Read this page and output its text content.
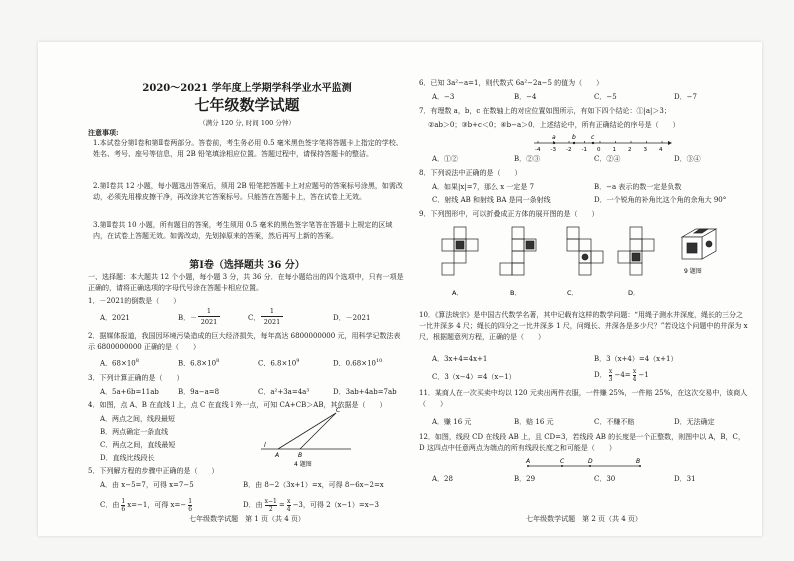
2020～2021 学年度上学期学科学业水平监测
七年级数学试题
（满分 120 分, 时间 100 分钟）
注意事项:
1.本试卷分第Ⅰ卷和第Ⅱ卷两部分。答卷前，考生务必用 0.5 毫米黑色签字笔将答题卡上指定的学校、姓名、考号、座号等信息，用 2B 铅笔填涂相应位置。答题过程中，请保持答题卡的整洁。
2.第Ⅰ卷共 12 小题，每小题选出答案后，须用 2B 铅笔把答题卡上对应题号的答案标号涂黑，如需改动，必须先用橡皮擦干净，再改涂其它答案标号。只能答在答题卡上，答在试卷上无效。
3.第Ⅱ卷共 10 小题，所有题目的答案，考生须用 0.5 毫米的黑色签字笔答在答题卡上规定的区域内，在试卷上答题无效。如需改动，先划掉原来的答案，然后再写上新的答案。
第Ⅰ卷（选择题共 36 分）
一、选择题：本大题共 12 个小题，每小题 3 分，共 36 分．在每小题给出的四个选项中，只有一项是正确的，请将正确选项的字母代号涂在答题卡相应位置。
1．－2021的倒数是（　　）
A．2021	B．－ $\frac{1}{2021}$	C． $\frac{1}{2021}$	D．－2021
2．据媒体报道，我国因环境污染造成的巨大经济损失，每年高达 6800000000 元，用科学记数法表示 6800000000 正确的是（　　）
A．$68\times 10^8$	B．$6.8\times 10^8$	C．$6.8\times 10^9$	D．$0.68\times 10^{10}$
3．下列计算正确的是（　　）
A．5a+6b=11ab	B．9a−a=8	C．a²+3a=4a³	D．3ab+4ab=7ab
4．如图，点 A、B 在直线 l 上，点 C 在直线 l 外一点，可知 CA+CB＞AB，其依据是（　　）
A．两点之间，线段最短
B．两点确定一条直线
C．两点之间，直线最短
D．直线比线段长
l
A	B
C
4 题图
5．下列解方程的步骤中正确的是（　　）
A．由 x−5=7，可得 x=7−5	B．由 8−2（3x+1）=x，可得 8−6x−2=x
C．由 1
6
x=−1，可得 $x=- \frac{1}{6}$	D．由 $\frac{x-1}{2} = \frac{x}{4} -3$，可得 2（x−1）=x−3
七年级数学试题　第 1 页（共 4 页）
6．已知 3a²−a=1，则代数式 6a²−2a−5 的值为（　　）
A．−3	B．−4	C．−5	D．−7
7．有理数 a，b，c 在数轴上的对应位置如图所示，有如下四个结论：①|a|＞3；
②ab＞0；③b+c＜0；④b−a＞0．上述结论中，所有正确结论的序号是（　　）
-4 -3 -2 -1 0 1 2 3 4
a	b	c
A．①②	B．②③	C．②④	D．③④
8．下列说法中正确的是（　　）
A．如果|x|=7，那么 x 一定是 7	B．−a 表示的数一定是负数
C．射线 AB 和射线 BA 是同一条射线	D．一个锐角的补角比这个角的余角大 90°
9．下列图形中，可以折叠成正方体的展开图的是（　　）
A．	B．	C．	D．
9 题图
10．《算法统宗》是中国古代数学名著，其中记载有这样的数学问题：“用绳子测水井深度，绳长的三分之一比井深多 4 尺；绳长的四分之一比井深多 1 尺，问绳长、井深各是多少尺？”若设这个问题中的井深为 x 尺，根据题意列方程，正确的是（　　）
A．3x+4=4x+1	B．3（x+4）=4（x+1）
C．3（x−4）=4（x−1）	D． x
3
$-4= \frac{x}{4} -1$
11．某商人在一次买卖中均以 120 元卖出两件衣服，一件赚 25%，一件赔 25%，在这次交易中，该商人（　　）
A．赚 16 元	B．赔 16 元	C．不赚不赔	D．无法确定
12．如图，线段 CD 在线段 AB 上，且 CD=3，若线段 AB 的长度是一个正整数，则图中以 A，B，C，D 这四点中任意两点为端点的所有线段长度之和可能是（　　）
A	C	D	B
A．28	B．29	C．30	D．31
七年级数学试题　第 2 页（共 4 页）
